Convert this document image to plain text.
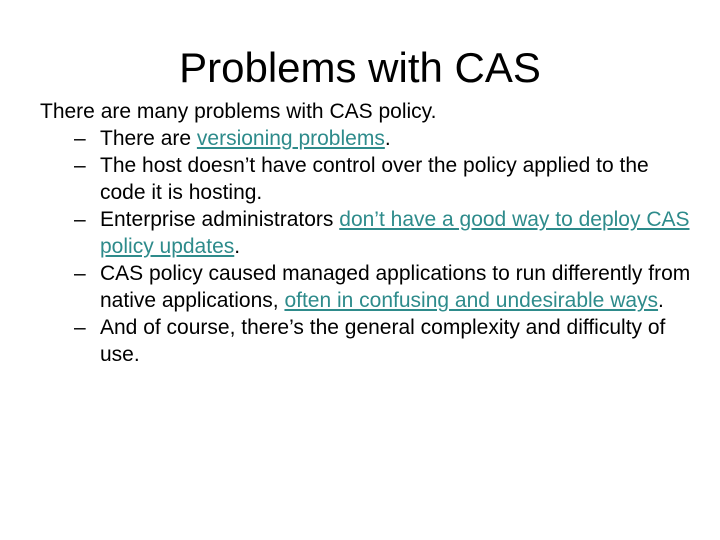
Problems with CAS

There are many problems with CAS policy.

– There are versioning problems.
– The host doesn’t have control over the policy applied to the code it is hosting.
– Enterprise administrators don’t have a good way to deploy CAS policy updates.
– CAS policy caused managed applications to run differently from native applications, often in confusing and undesirable ways.
– And of course, there’s the general complexity and difficulty of use.
